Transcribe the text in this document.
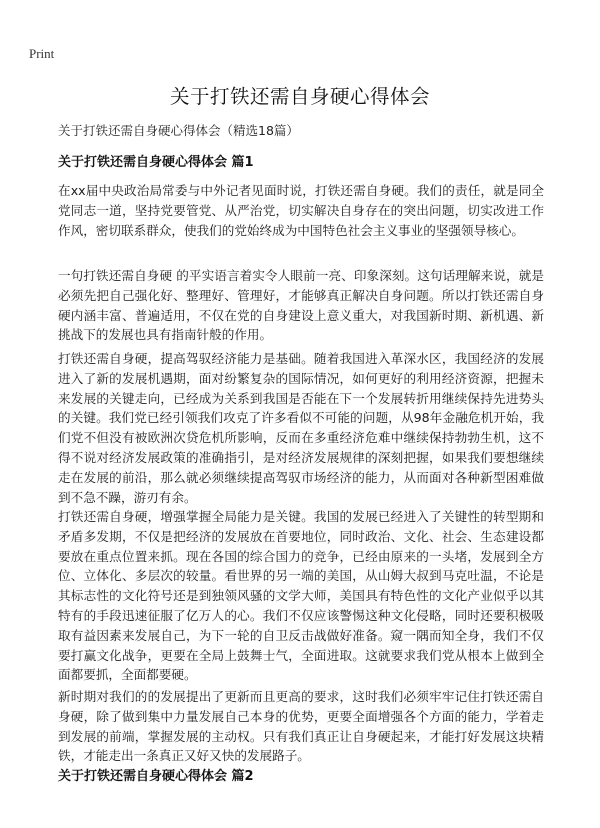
Print
关于打铁还需自身硬心得体会
关于打铁还需自身硬心得体会（精选18篇）
关于打铁还需自身硬心得体会 篇1

在xx届中央政治局常委与中外记者见面时说，打铁还需自身硬。我们的责任，就是同全党同志一道，坚持党要管党、从严治党，切实解决自身存在的突出问题，切实改进工作作风，密切联系群众，使我们的党始终成为中国特色社会主义事业的坚强领导核心。

一句打铁还需自身硬 的平实语言着实令人眼前一亮、印象深刻。这句话理解来说，就是必须先把自己强化好、整理好、管理好，才能够真正解决自身问题。所以打铁还需自身硬内涵丰富、普遍适用，不仅在党的自身建设上意义重大，对我国新时期、新机遇、新挑战下的发展也具有指南针般的作用。

打铁还需自身硬，提高驾驭经济能力是基础。随着我国进入革深水区，我国经济的发展进入了新的发展机遇期，面对纷繁复杂的国际情况，如何更好的利用经济资源，把握未来发展的关键走向，已经成为关系到我国是否能在下一个发展转折用继续保持先进势头的关键。我们党已经引领我们攻克了许多看似不可能的问题，从98年金融危机开始，我们党不但没有被欧洲次贷危机所影响，反而在多重经济危难中继续保持勃勃生机，这不得不说对经济发展政策的准确指引，是对经济发展规律的深刻把握，如果我们要想继续走在发展的前沿，那么就必须继续提高驾驭市场经济的能力，从而面对各种新型困难做到不急不躁，游刃有余。

打铁还需自身硬，增强掌握全局能力是关键。我国的发展已经进入了关键性的转型期和矛盾多发期，不仅是把经济的发展放在首要地位，同时政治、文化、社会、生态建设都要放在重点位置来抓。现在各国的综合国力的竞争，已经由原来的一头堵，发展到全方位、立体化、多层次的较量。看世界的另一端的美国，从山姆大叔到马克吐温，不论是其标志性的文化符号还是到独领风骚的文学大师，美国具有特色性的文化产业似乎以其特有的手段迅速征服了亿万人的心。我们不仅应该警惕这种文化侵略，同时还要积极吸取有益因素来发展自己，为下一轮的自卫反击战做好准备。窥一隅而知全身，我们不仅要打赢文化战争，更要在全局上鼓舞士气，全面进取。这就要求我们党从根本上做到全面都要抓，全面都要硬。

新时期对我们的的发展提出了更新而且更高的要求，这时我们必须牢牢记住打铁还需自身硬，除了做到集中力量发展自己本身的优势，更要全面增强各个方面的能力，学着走到发展的前端，掌握发展的主动权。只有我们真正让自身硬起来，才能打好发展这块精铁，才能走出一条真正又好又快的发展路子。

关于打铁还需自身硬心得体会 篇2
